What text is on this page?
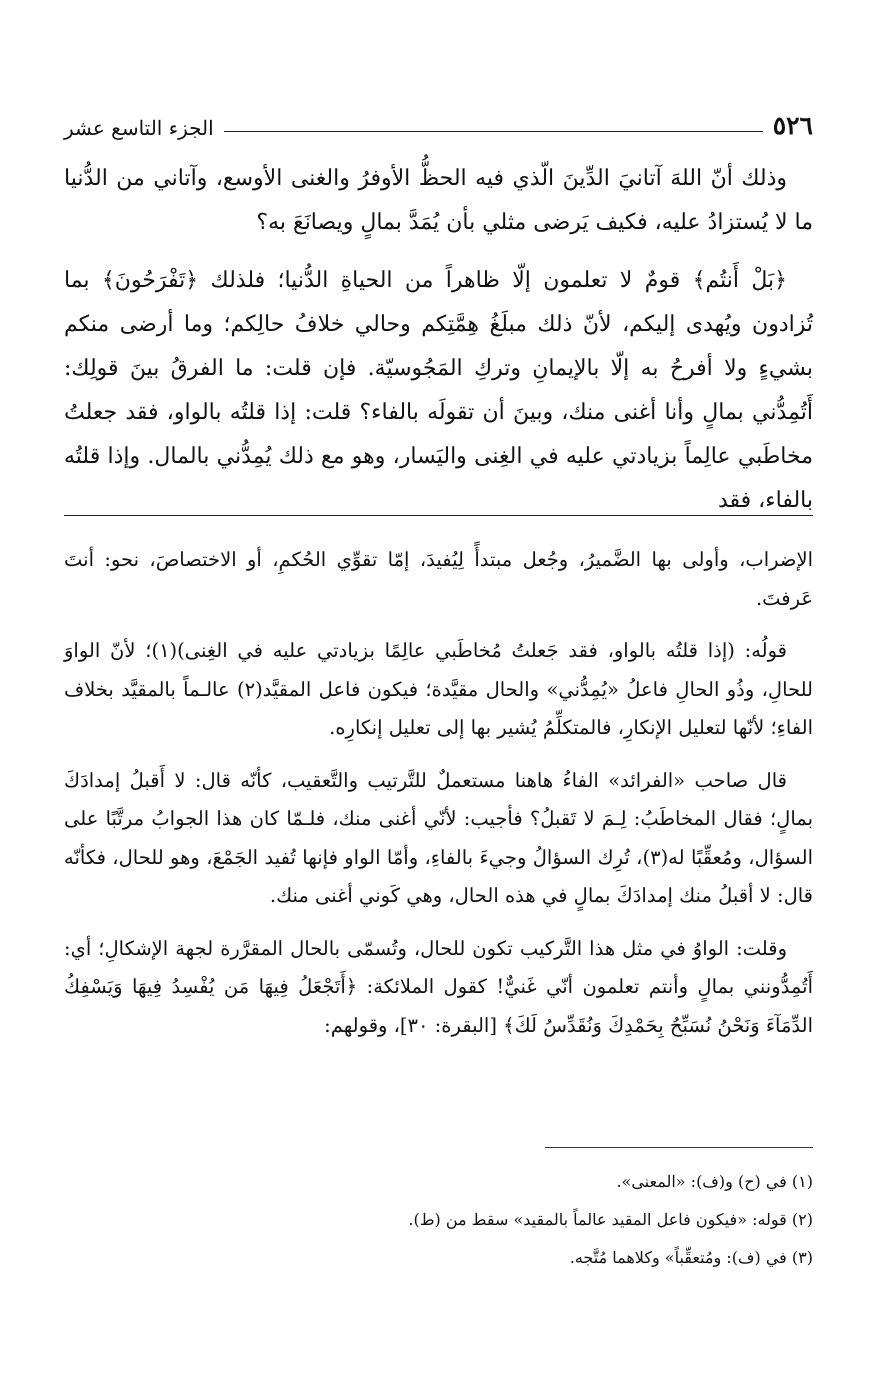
٥٢٦
الجزء التاسع عشر

وذلك أنّ اللهَ آتانيَ الدِّينَ الّذي فيه الحظُّ الأوفرُ والغنى الأوسع، وآتاني من الدُّنيا ما لا يُستزادُ عليه، فكيف يَرضى مثلي بأن يُمَدَّ بمالٍ ويصانَعَ به؟

﴿بَلْ أَنتُم﴾ قومٌ لا تعلمون إلّا ظاهراً من الحياةِ الدُّنيا؛ فلذلك ﴿تَفْرَحُونَ﴾ بما تُزادون ويُهدى إليكم، لأنّ ذلك مبلَغُ هِمَّتِكم وحالي خلافُ حالِكم؛ وما أرضى منكم بشيءٍ ولا أفرحُ به إلّا بالإيمانِ وتركِ المَجُوسيّة. فإن قلت: ما الفرقُ بينَ قولِك: أَتُمِدُّني بمالٍ وأنا أغنى منك، وبينَ أن تقولَه بالفاء؟ قلت: إذا قلتُه بالواو، فقد جعلتُ مخاطَبي عالِماً بزيادتي عليه في الغِنى واليَسار، وهو مع ذلك يُمِدُّني بالمال. وإذا قلتُه بالفاء، فقد

الإضراب، وأولى بها الضَّميرُ، وجُعل مبتدأً لِيُفيدَ، إمّا تقوِّي الحُكمِ، أو الاختصاصَ، نحو: أنتَ عَرفتَ.

قولُه: (إذا قلتُه بالواو، فقد جَعلتُ مُخاطَبي عالِمًا بزيادتي عليه في الغِنى)(١)؛ لأنّ الواوَ للحالِ، وذُو الحالِ فاعلُ «يُمِدُّني» والحال مقيَّدة؛ فيكون فاعل المقيَّد(٢) عالـماً بالمقيَّد بخلاف الفاءِ؛ لأنّها لتعليل الإنكارِ، فالمتكلِّمُ يُشير بها إلى تعليل إنكارِه.

قال صاحب «الفرائد» الفاءُ هاهنا مستعملٌ للتَّرتيب والتَّعقيب، كأنّه قال: لا أَقبلُ إمدادَكَ بمالٍ؛ فقال المخاطَبُ: لِـمَ لا تَقبلُ؟ فأجيب: لأنّي أغنى منك، فلـمّا كان هذا الجوابُ مرتَّبًا على السؤال، ومُعقِّبًا له(٣)، تُرِك السؤالُ وجيءَ بالفاءِ، وأمّا الواو فإنها تُفيد الجَمْعَ، وهو للحال، فكأنّه قال: لا أقبلُ منك إمدادَكَ بمالٍ في هذه الحال، وهي كَوني أغنى منك.

وقلت: الواوُ في مثل هذا التَّركيب تكون للحال، وتُسمّى بالحال المقرَّرة لجهة الإشكالِ؛ أي: أَتُمِدُّونني بمالٍ وأنتم تعلمون أنّي غَنيٌّ! كقول الملائكة: ﴿أَتَجْعَلُ فِيهَا مَن يُفْسِدُ فِيهَا وَيَسْفِكُ الدِّمَآءَ وَنَحْنُ نُسَبِّحُ بِحَمْدِكَ وَنُقَدِّسُ لَكَ﴾ [البقرة: ٣٠]، وقولهم:

(١) في (ح) و(ف): «المعنى».

(٢) قوله: «فيكون فاعل المقيد عالماً بالمقيد» سقط من (ط).

(٣) في (ف): ومُتعقِّباً» وكلاهما مُتَّجه.
